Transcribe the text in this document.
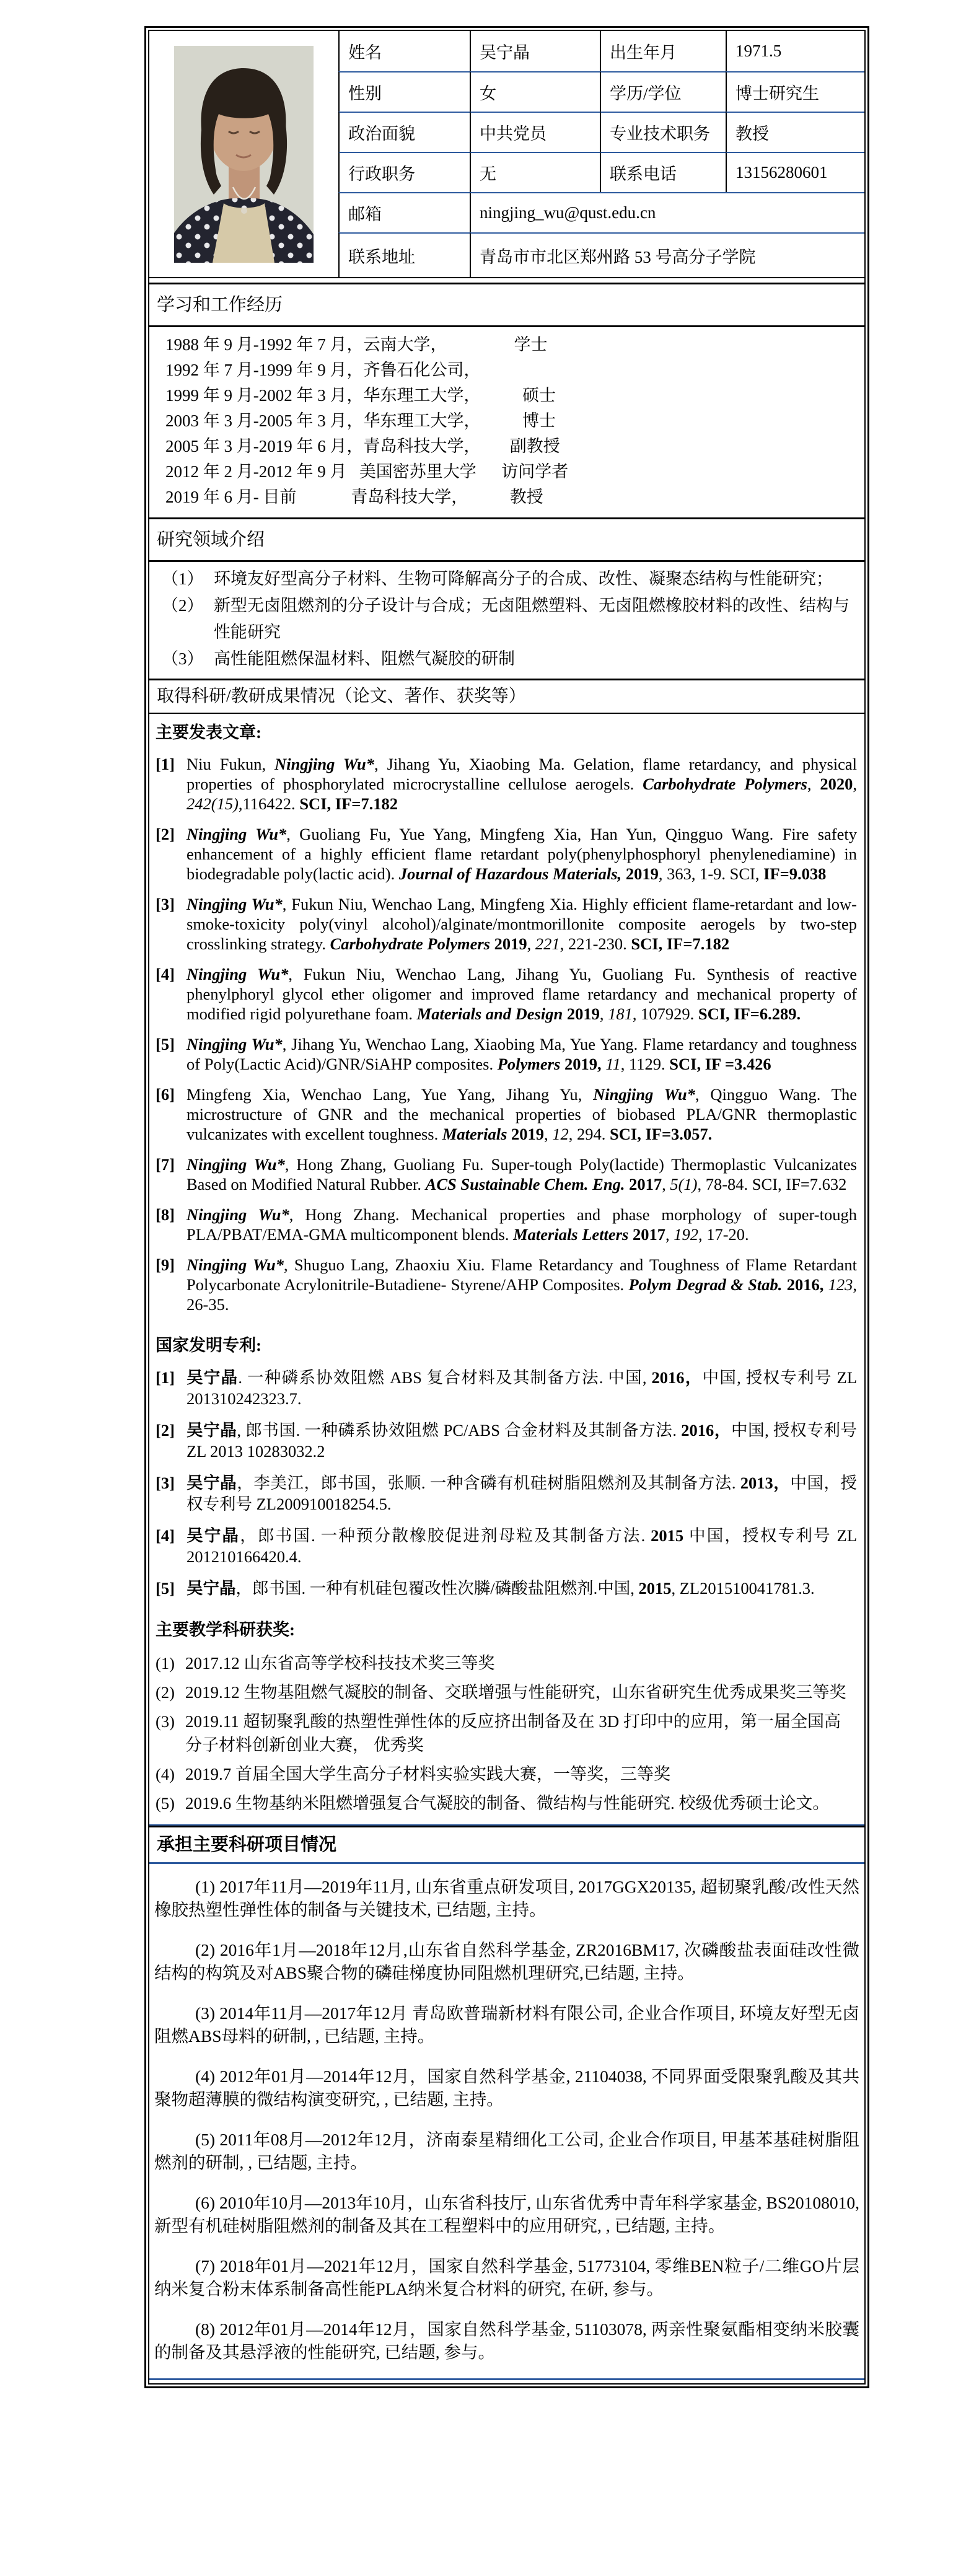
姓名	吴宁晶	出生年月	1971.5
性别	女	学历/学位	博士研究生
政治面貌	中共党员	专业技术职务	教授
行政职务	无	联系电话	13156280601
邮箱	ningjing_wu@qust.edu.cn
联系地址	青岛市市北区郑州路 53 号高分子学院
学习和工作经历
1988 年 9 月-1992 年 7 月，云南大学，                学士
1992 年 7 月-1999 年 9 月，齐鲁石化公司，
1999 年 9 月-2002 年 3 月，华东理工大学，          硕士
2003 年 3 月-2005 年 3 月，华东理工大学，          博士
2005 年 3 月-2019 年 6 月，青岛科技大学，       副教授
2012 年 2 月-2012 年 9 月   美国密苏里大学      访问学者
2019 年 6 月- 目前             青岛科技大学，          教授
研究领域介绍
（1） 环境友好型高分子材料、生物可降解高分子的合成、改性、凝聚态结构与性能研究；
（2） 新型无卤阻燃剂的分子设计与合成；无卤阻燃塑料、无卤阻燃橡胶材料的改性、结构与性能研究
（3） 高性能阻燃保温材料、阻燃气凝胶的研制
取得科研/教研成果情况（论文、著作、获奖等）
主要发表文章:
[1] Niu Fukun, Ningjing Wu*, Jihang Yu, Xiaobing Ma. Gelation, flame retardancy, and physical properties of phosphorylated microcrystalline cellulose aerogels. Carbohydrate Polymers, 2020, 242(15),116422. SCI, IF=7.182
[2] Ningjing Wu*, Guoliang Fu, Yue Yang, Mingfeng Xia, Han Yun, Qingguo Wang. Fire safety enhancement of a highly efficient flame retardant poly(phenylphosphoryl phenylenediamine) in biodegradable poly(lactic acid). Journal of Hazardous Materials, 2019, 363, 1-9. SCI, IF=9.038
[3] Ningjing Wu*, Fukun Niu, Wenchao Lang, Mingfeng Xia. Highly efficient flame-retardant and low-smoke-toxicity poly(vinyl alcohol)/alginate/montmorillonite composite aerogels by two-step crosslinking strategy. Carbohydrate Polymers 2019, 221, 221-230. SCI, IF=7.182
[4] Ningjing Wu*, Fukun Niu, Wenchao Lang, Jihang Yu, Guoliang Fu. Synthesis of reactive phenylphoryl glycol ether oligomer and improved flame retardancy and mechanical property of modified rigid polyurethane foam. Materials and Design 2019, 181, 107929. SCI, IF=6.289.
[5] Ningjing Wu*, Jihang Yu, Wenchao Lang, Xiaobing Ma, Yue Yang. Flame retardancy and toughness of Poly(Lactic Acid)/GNR/SiAHP composites. Polymers 2019, 11, 1129. SCI, IF =3.426
[6] Mingfeng Xia, Wenchao Lang, Yue Yang, Jihang Yu, Ningjing Wu*, Qingguo Wang. The microstructure of GNR and the mechanical properties of biobased PLA/GNR thermoplastic vulcanizates with excellent toughness. Materials 2019, 12, 294. SCI, IF=3.057.
[7] Ningjing Wu*, Hong Zhang, Guoliang Fu. Super-tough Poly(lactide) Thermoplastic Vulcanizates Based on Modified Natural Rubber. ACS Sustainable Chem. Eng. 2017, 5(1), 78-84. SCI, IF=7.632
[8] Ningjing Wu*, Hong Zhang. Mechanical properties and phase morphology of super-tough PLA/PBAT/EMA-GMA multicomponent blends. Materials Letters 2017, 192, 17-20.
[9] Ningjing Wu*, Shuguo Lang, Zhaoxiu Xiu. Flame Retardancy and Toughness of Flame Retardant Polycarbonate Acrylonitrile-Butadiene- Styrene/AHP Composites. Polym Degrad & Stab. 2016, 123, 26-35.
国家发明专利:
[1] 吴宁晶. 一种磷系协效阻燃 ABS 复合材料及其制备方法. 中国, 2016，中国, 授权专利号 ZL 201310242323.7.
[2] 吴宁晶, 郎书国. 一种磷系协效阻燃 PC/ABS 合金材料及其制备方法. 2016，中国, 授权专利号 ZL 2013 10283032.2
[3] 吴宁晶，李美江，郎书国，张顺. 一种含磷有机硅树脂阻燃剂及其制备方法. 2013，中国，授权专利号 ZL200910018254.5.
[4] 吴宁晶，郎书国. 一种预分散橡胶促进剂母粒及其制备方法. 2015 中国，授权专利号 ZL 201210166420.4.
[5] 吴宁晶，郎书国. 一种有机硅包覆改性次膦/磷酸盐阻燃剂.中国, 2015, ZL201510041781.3.
主要教学科研获奖:
(1) 2017.12 山东省高等学校科技技术奖三等奖
(2) 2019.12 生物基阻燃气凝胶的制备、交联增强与性能研究，山东省研究生优秀成果奖三等奖
(3) 2019.11 超韧聚乳酸的热塑性弹性体的反应挤出制备及在 3D 打印中的应用，第一届全国高分子材料创新创业大赛， 优秀奖
(4) 2019.7 首届全国大学生高分子材料实验实践大赛，一等奖，三等奖
(5) 2019.6 生物基纳米阻燃增强复合气凝胶的制备、微结构与性能研究. 校级优秀硕士论文。
承担主要科研项目情况

(1) 2017年11月—2019年11月, 山东省重点研发项目, 2017GGX20135, 超韧聚乳酸/改性天然橡胶热塑性弹性体的制备与关键技术, 已结题, 主持。

(2) 2016年1月—2018年12月,山东省自然科学基金, ZR2016BM17, 次磷酸盐表面硅改性微结构的构筑及对ABS聚合物的磷硅梯度协同阻燃机理研究,已结题, 主持。

(3) 2014年11月—2017年12月 青岛欧普瑞新材料有限公司, 企业合作项目, 环境友好型无卤阻燃ABS母料的研制, , 已结题, 主持。

(4) 2012年01月—2014年12月，国家自然科学基金, 21104038, 不同界面受限聚乳酸及其共聚物超薄膜的微结构演变研究, , 已结题, 主持。

(5) 2011年08月—2012年12月，济南泰星精细化工公司, 企业合作项目, 甲基苯基硅树脂阻燃剂的研制, , 已结题, 主持。

(6) 2010年10月—2013年10月，山东省科技厅, 山东省优秀中青年科学家基金, BS20108010, 新型有机硅树脂阻燃剂的制备及其在工程塑料中的应用研究, , 已结题, 主持。

(7) 2018年01月—2021年12月，国家自然科学基金, 51773104, 零维BEN粒子/二维GO片层纳米复合粉末体系制备高性能PLA纳米复合材料的研究, 在研, 参与。

(8) 2012年01月—2014年12月，国家自然科学基金, 51103078, 两亲性聚氨酯相变纳米胶囊的制备及其悬浮液的性能研究, 已结题, 参与。
